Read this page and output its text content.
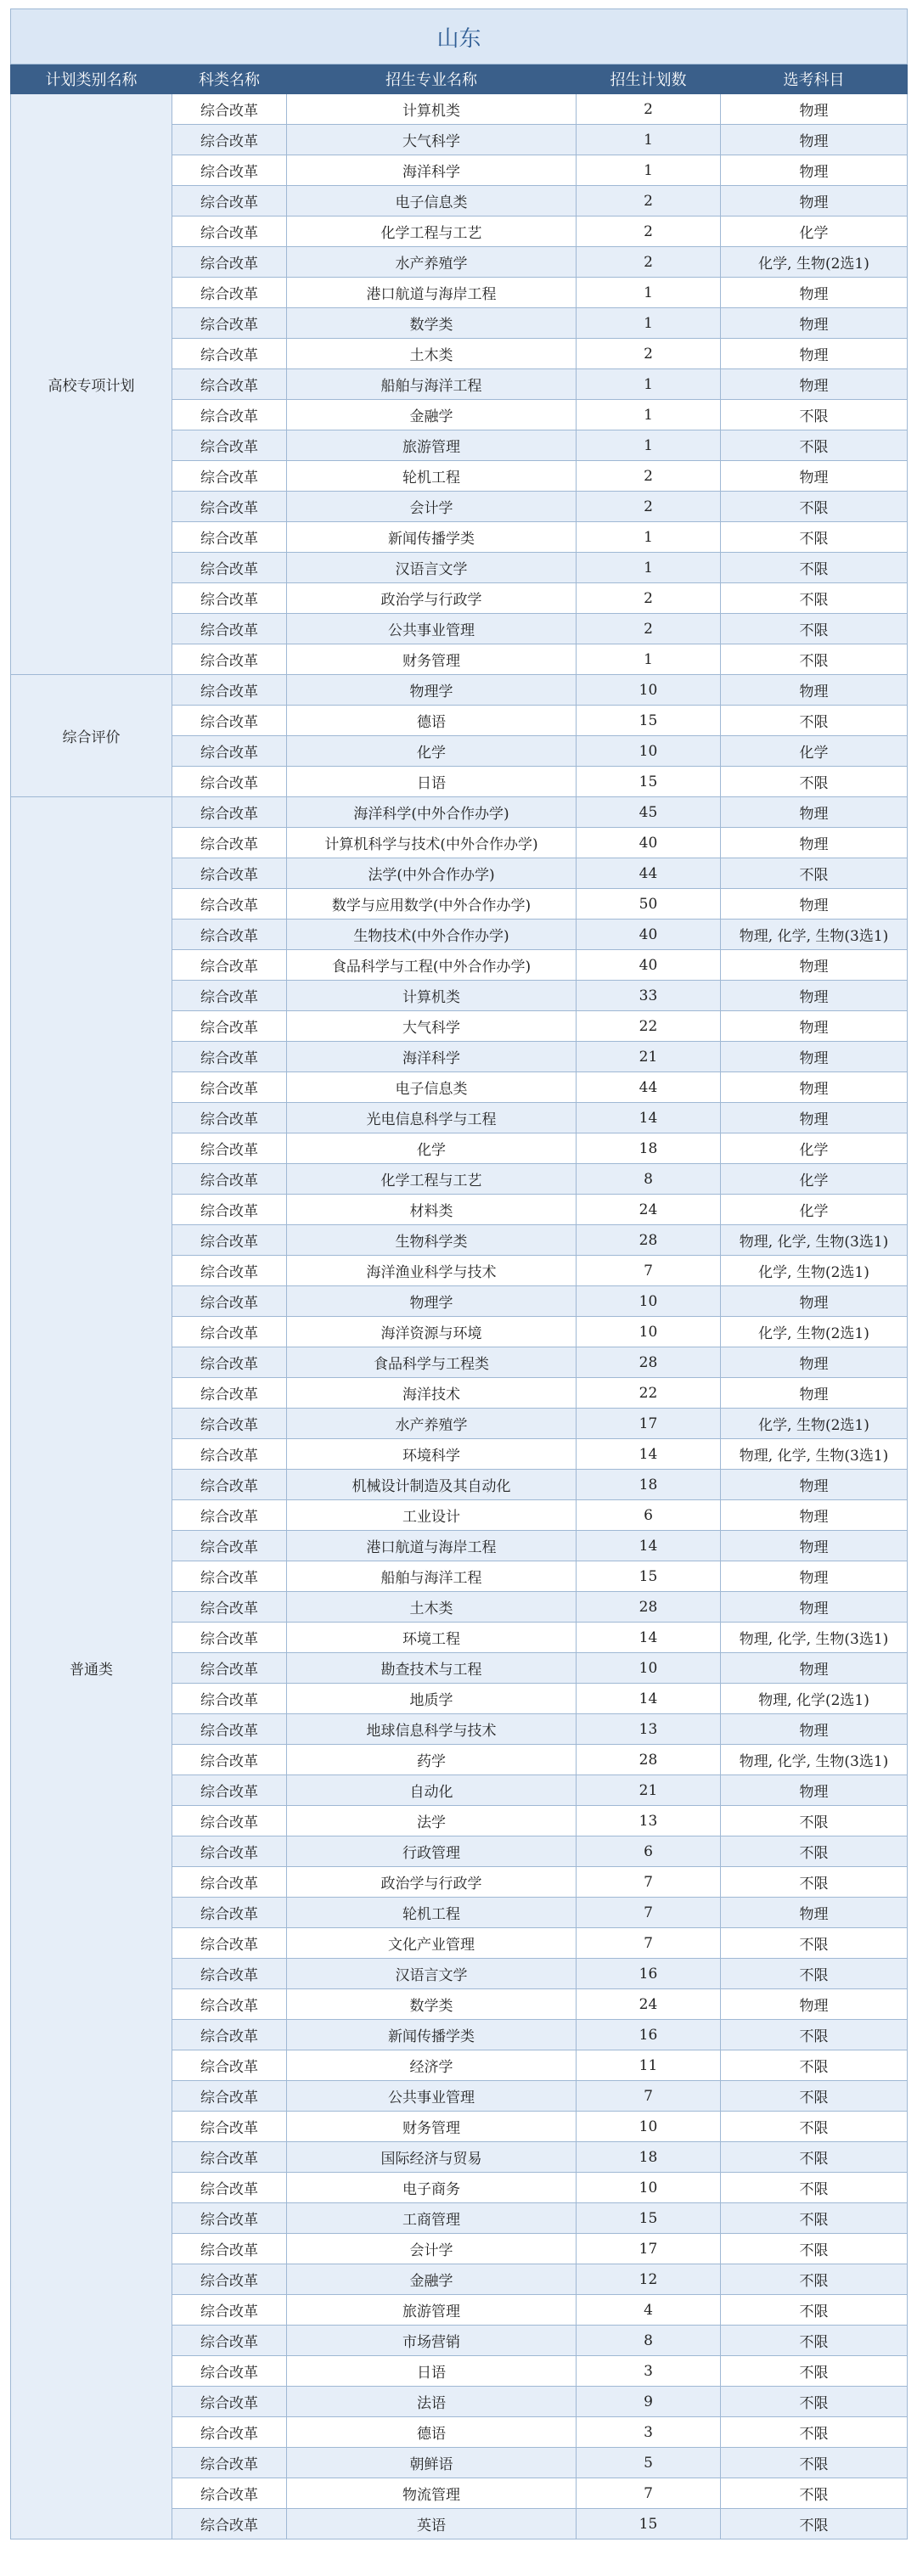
山东				
计划类别名称	科类名称	招生专业名称	招生计划数	选考科目
高校专项计划	综合改革	计算机类	2	物理
	综合改革	大气科学	1	物理
	综合改革	海洋科学	1	物理
	综合改革	电子信息类	2	物理
	综合改革	化学工程与工艺	2	化学
	综合改革	水产养殖学	2	化学, 生物(2选1)
	综合改革	港口航道与海岸工程	1	物理
	综合改革	数学类	1	物理
	综合改革	土木类	2	物理
	综合改革	船舶与海洋工程	1	物理
	综合改革	金融学	1	不限
	综合改革	旅游管理	1	不限
	综合改革	轮机工程	2	物理
	综合改革	会计学	2	不限
	综合改革	新闻传播学类	1	不限
	综合改革	汉语言文学	1	不限
	综合改革	政治学与行政学	2	不限
	综合改革	公共事业管理	2	不限
	综合改革	财务管理	1	不限
综合评价	综合改革	物理学	10	物理
	综合改革	德语	15	不限
	综合改革	化学	10	化学
	综合改革	日语	15	不限
普通类	综合改革	海洋科学(中外合作办学)	45	物理
	综合改革	计算机科学与技术(中外合作办学)	40	物理
	综合改革	法学(中外合作办学)	44	不限
	综合改革	数学与应用数学(中外合作办学)	50	物理
	综合改革	生物技术(中外合作办学)	40	物理, 化学, 生物(3选1)
	综合改革	食品科学与工程(中外合作办学)	40	物理
	综合改革	计算机类	33	物理
	综合改革	大气科学	22	物理
	综合改革	海洋科学	21	物理
	综合改革	电子信息类	44	物理
	综合改革	光电信息科学与工程	14	物理
	综合改革	化学	18	化学
	综合改革	化学工程与工艺	8	化学
	综合改革	材料类	24	化学
	综合改革	生物科学类	28	物理, 化学, 生物(3选1)
	综合改革	海洋渔业科学与技术	7	化学, 生物(2选1)
	综合改革	物理学	10	物理
	综合改革	海洋资源与环境	10	化学, 生物(2选1)
	综合改革	食品科学与工程类	28	物理
	综合改革	海洋技术	22	物理
	综合改革	水产养殖学	17	化学, 生物(2选1)
	综合改革	环境科学	14	物理, 化学, 生物(3选1)
	综合改革	机械设计制造及其自动化	18	物理
	综合改革	工业设计	6	物理
	综合改革	港口航道与海岸工程	14	物理
	综合改革	船舶与海洋工程	15	物理
	综合改革	土木类	28	物理
	综合改革	环境工程	14	物理, 化学, 生物(3选1)
	综合改革	勘查技术与工程	10	物理
	综合改革	地质学	14	物理, 化学(2选1)
	综合改革	地球信息科学与技术	13	物理
	综合改革	药学	28	物理, 化学, 生物(3选1)
	综合改革	自动化	21	物理
	综合改革	法学	13	不限
	综合改革	行政管理	6	不限
	综合改革	政治学与行政学	7	不限
	综合改革	轮机工程	7	物理
	综合改革	文化产业管理	7	不限
	综合改革	汉语言文学	16	不限
	综合改革	数学类	24	物理
	综合改革	新闻传播学类	16	不限
	综合改革	经济学	11	不限
	综合改革	公共事业管理	7	不限
	综合改革	财务管理	10	不限
	综合改革	国际经济与贸易	18	不限
	综合改革	电子商务	10	不限
	综合改革	工商管理	15	不限
	综合改革	会计学	17	不限
	综合改革	金融学	12	不限
	综合改革	旅游管理	4	不限
	综合改革	市场营销	8	不限
	综合改革	日语	3	不限
	综合改革	法语	9	不限
	综合改革	德语	3	不限
	综合改革	朝鲜语	5	不限
	综合改革	物流管理	7	不限
	综合改革	英语	15	不限
